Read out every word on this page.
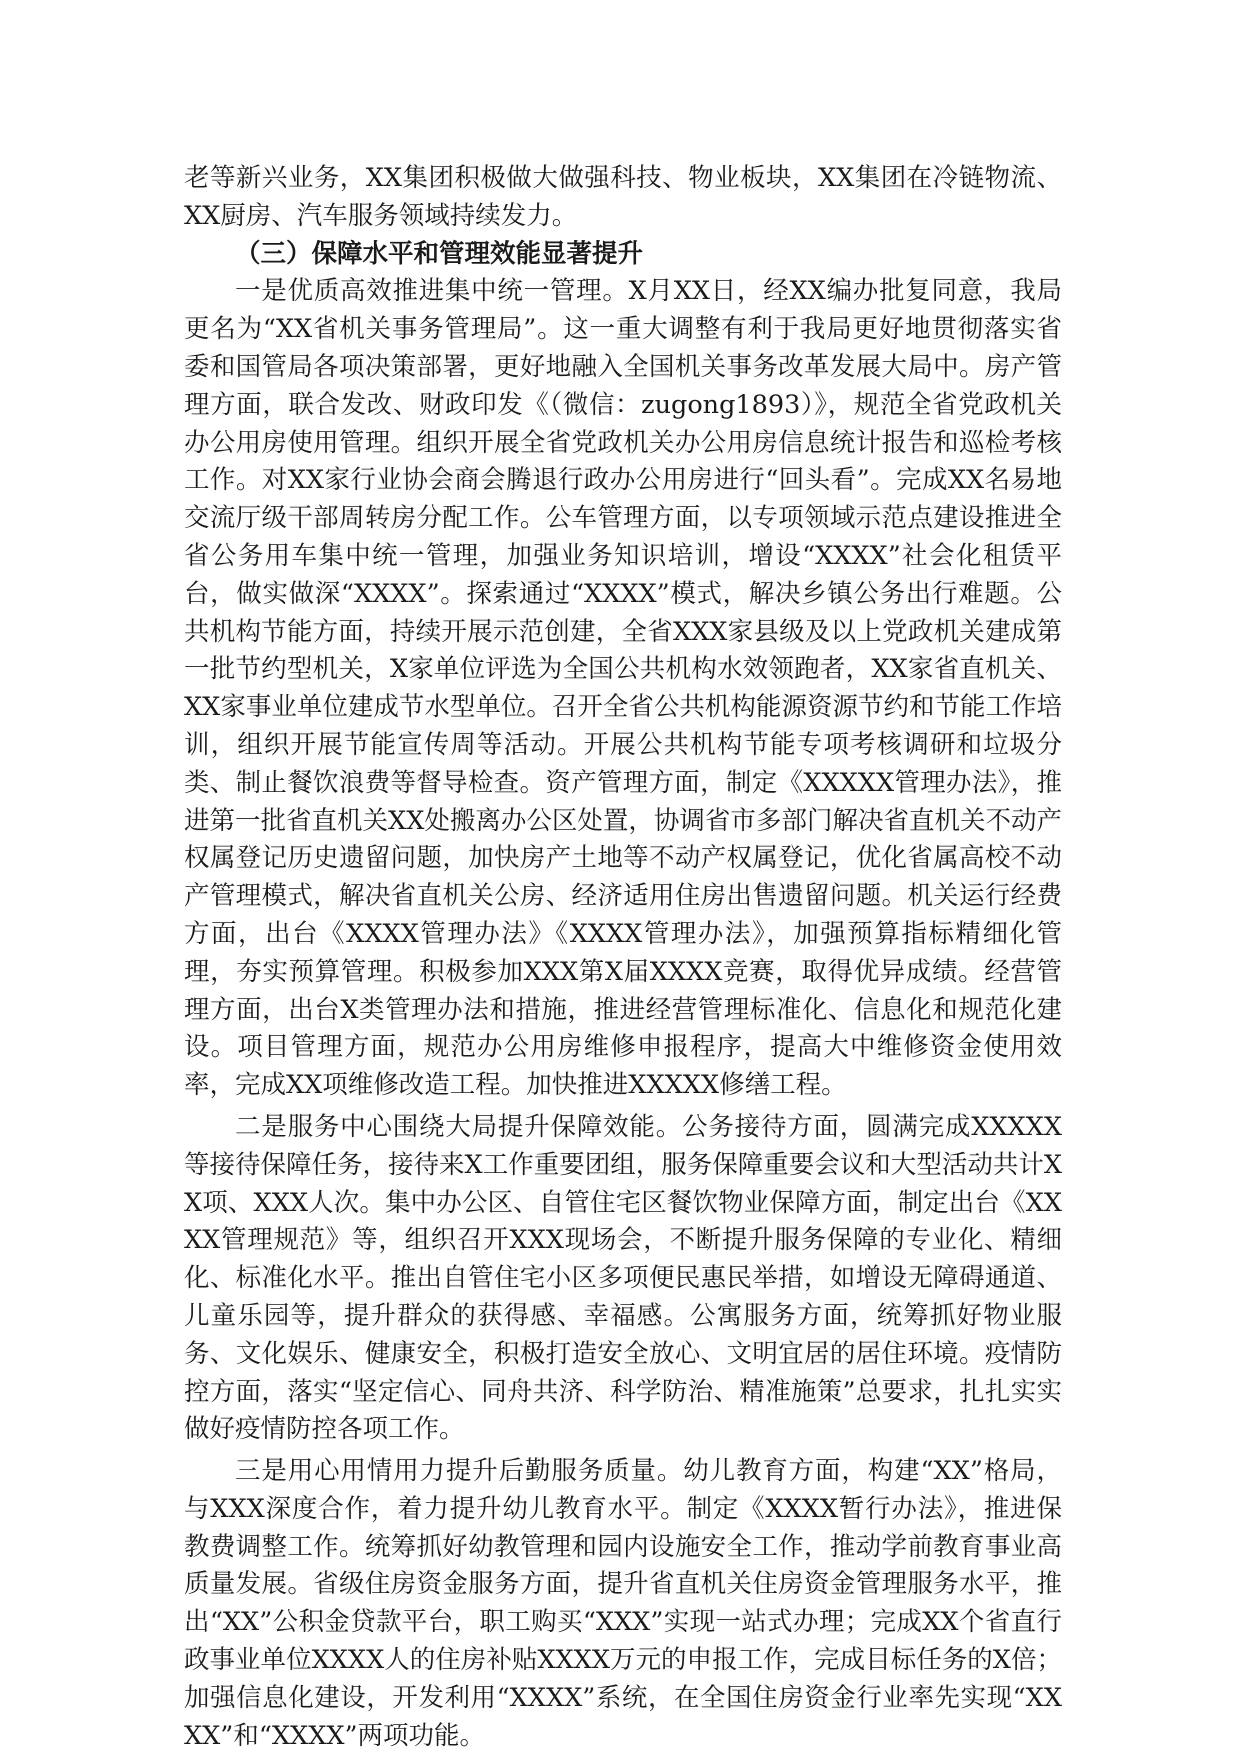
老等新兴业务，XX集团积极做大做强科技、物业板块，XX集团在冷链物流、XX厨房、汽车服务领域持续发力。

（三）保障水平和管理效能显著提升

一是优质高效推进集中统一管理。X月XX日，经XX编办批复同意，我局更名为“XX省机关事务管理局”。这一重大调整有利于我局更好地贯彻落实省委和国管局各项决策部署，更好地融入全国机关事务改革发展大局中。房产管理方面，联合发改、财政印发《（微信：zugong1893）》，规范全省党政机关办公用房使用管理。组织开展全省党政机关办公用房信息统计报告和巡检考核工作。对XX家行业协会商会腾退行政办公用房进行“回头看”。完成XX名易地交流厅级干部周转房分配工作。公车管理方面，以专项领域示范点建设推进全省公务用车集中统一管理，加强业务知识培训，增设“XXXX”社会化租赁平台，做实做深“XXXX”。探索通过“XXXX”模式，解决乡镇公务出行难题。公共机构节能方面，持续开展示范创建，全省XXX家县级及以上党政机关建成第一批节约型机关，X家单位评选为全国公共机构水效领跑者，XX家省直机关、XX家事业单位建成节水型单位。召开全省公共机构能源资源节约和节能工作培训，组织开展节能宣传周等活动。开展公共机构节能专项考核调研和垃圾分类、制止餐饮浪费等督导检查。资产管理方面，制定《XXXXX管理办法》，推进第一批省直机关XX处搬离办公区处置，协调省市多部门解决省直机关不动产权属登记历史遗留问题，加快房产土地等不动产权属登记，优化省属高校不动产管理模式，解决省直机关公房、经济适用住房出售遗留问题。机关运行经费方面，出台《XXXX管理办法》《XXXX管理办法》，加强预算指标精细化管理，夯实预算管理。积极参加XXX第X届XXXX竞赛，取得优异成绩。经营管理方面，出台X类管理办法和措施，推进经营管理标准化、信息化和规范化建设。项目管理方面，规范办公用房维修申报程序，提高大中维修资金使用效率，完成XX项维修改造工程。加快推进XXXXX修缮工程。

二是服务中心围绕大局提升保障效能。公务接待方面，圆满完成XXXXX等接待保障任务，接待来X工作重要团组，服务保障重要会议和大型活动共计XX项、XXX人次。集中办公区、自管住宅区餐饮物业保障方面，制定出台《XXXX管理规范》等，组织召开XXX现场会，不断提升服务保障的专业化、精细化、标准化水平。推出自管住宅小区多项便民惠民举措，如增设无障碍通道、儿童乐园等，提升群众的获得感、幸福感。公寓服务方面，统筹抓好物业服务、文化娱乐、健康安全，积极打造安全放心、文明宜居的居住环境。疫情防控方面，落实“坚定信心、同舟共济、科学防治、精准施策”总要求，扎扎实实做好疫情防控各项工作。

三是用心用情用力提升后勤服务质量。幼儿教育方面，构建“XX”格局，与XXX深度合作，着力提升幼儿教育水平。制定《XXXX暂行办法》，推进保教费调整工作。统筹抓好幼教管理和园内设施安全工作，推动学前教育事业高质量发展。省级住房资金服务方面，提升省直机关住房资金管理服务水平，推出“XX”公积金贷款平台，职工购买“XXX”实现一站式办理；完成XX个省直行政事业单位XXXX人的住房补贴XXXX万元的申报工作，完成目标任务的X倍；加强信息化建设，开发利用“XXXX”系统，在全国住房资金行业率先实现“XXXX”和“XXXX”两项功能。
